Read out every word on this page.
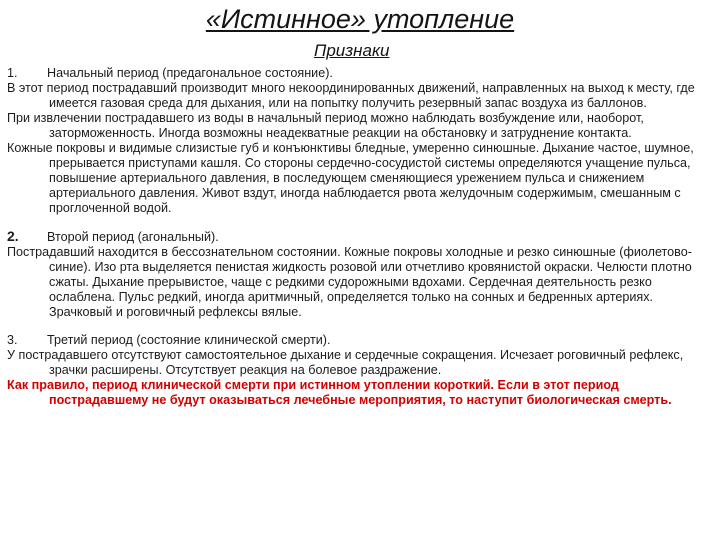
«Истинное» утопление
Признаки
1.	Начальный период (предагональное состояние).

В этот период пострадавший производит много некоординированных движений, направленных на выход к месту, где имеется газовая среда для дыхания, или на попытку получить резервный запас воздуха из баллонов.

При извлечении пострадавшего из воды в начальный период можно наблюдать возбуждение или, наоборот, заторможенность. Иногда возможны неадекватные реакции на обстановку и затруднение контакта.

Кожные покровы и видимые слизистые губ и конъюнктивы бледные, умеренно синюшные. Дыхание частое, шумное, прерывается приступами кашля. Со стороны сердечно-сосудистой системы определяются учащение пульса, повышение артериального давления, в последующем сменяющиеся урежением пульса и снижением артериального давления. Живот вздут, иногда наблюдается рвота желудочным содержимым, смешанным с проглоченной водой.

2.	Второй период (агональный).

Пострадавший находится в бессознательном состоянии. Кожные покровы холодные и резко синюшные (фиолетово-синие). Изо рта выделяется пенистая жидкость розовой или отчетливо кровянистой окраски. Челюсти плотно сжаты. Дыхание прерывистое, чаще с редкими судорожными вдохами. Сердечная деятельность резко ослаблена. Пульс редкий, иногда аритмичный, определяется только на сонных и бедренных артериях. Зрачковый и роговичный рефлексы вялые.

3.	Третий период (состояние клинической смерти).

У пострадавшего отсутствуют самостоятельное дыхание и сердечные сокращения. Исчезает роговичный рефлекс, зрачки расширены. Отсутствует реакция на болевое раздражение.

Как правило, период клинической смерти при истинном утоплении короткий. Если в этот период пострадавшему не будут оказываться лечебные мероприятия, то наступит биологическая смерть.
